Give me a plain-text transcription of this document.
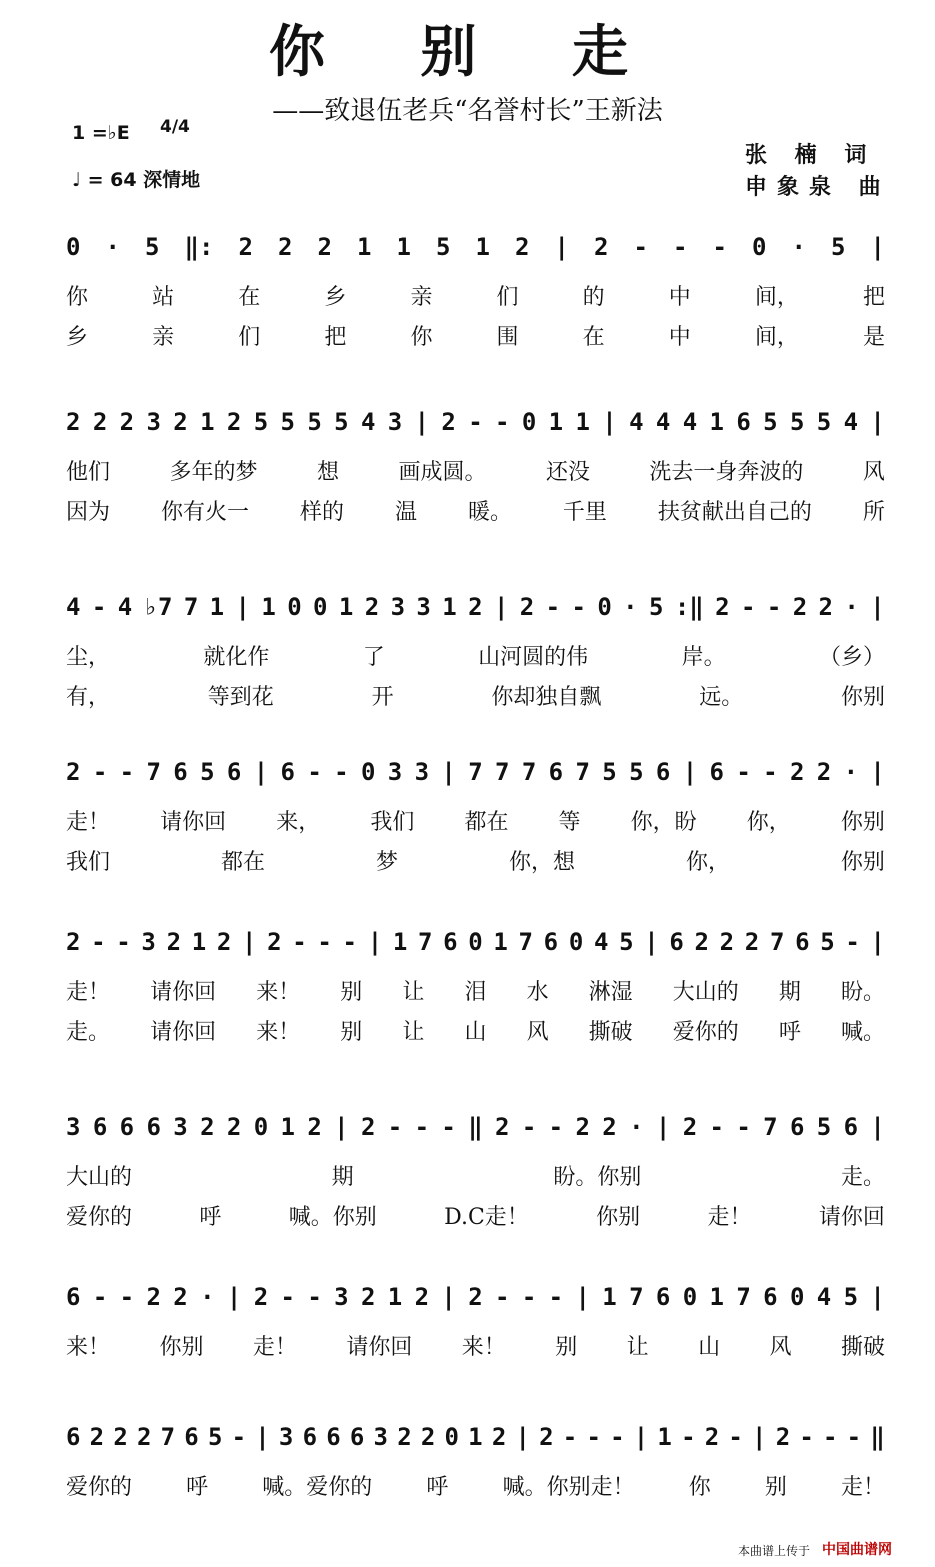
你 别 走
——致退伍老兵“名誉村长”王新法
1 =♭E 4/4
♩ = 64 深情地
张 楠 词
申象泉 曲
0 · 5 ‖: 2 2 2 1 1 5 1 2 | 2 - - - 0 · 5 |
你	站	在	乡	亲	们	的	中	间，	把
乡	亲	们	把	你	围	在	中	间，	是
2 2 2 3 2 1 2 5 5 5 5 4 3 | 2 - - 0 1 1 | 4 4 4 1 6 5 5 5 4 |
他们	多年的梦	想	画成圆。	还没	洗去一身奔波的	风
因为 你有火一 样的 温 暖。 千里 扶贫献出自己的 所
4 - 4 ♭7 7 1 | 1 0 0 1 2 3 3 1 2 | 2 - - 0 · 5 :‖ 2 - - 2 2 · |
尘，	就化作	了	山河圆的伟	岸。	（乡）
有，	等到花	开	你却独自飘	远。	你别
2 - - 7 6 5 6 | 6 - - 0 3 3 | 7 7 7 6 7 5 5 6 | 6 - - 2 2 · |
走！ 请你回 来， 我们 都在 等 你，盼 你， 你别
我们	都在	梦	你，想	你，	你别
2 - - 3 2 1 2 | 2 - - - | 1 7 6 0 1 7 6 0 4 5 | 6 2 2 2 7 6 5 - |
走！ 请你回 来！ 别 让 泪 水 淋湿 大山的 期 盼。
走。 请你回 来！ 别 让 山 风 撕破 爱你的 呼 喊。
3 6 6 6 3 2 2 0 1 2 | 2 - - - ‖ 2 - - 2 2 · | 2 - - 7 6 5 6 |
大山的	期	盼。你别	走。
爱你的	呼	喊。你别	D.C走！	你别	走！	请你回
6 - - 2 2 · | 2 - - 3 2 1 2 | 2 - - - | 1 7 6 0 1 7 6 0 4 5 |
来！ 你别 走！ 请你回 来！ 别 让 山 风 撕破
6 2 2 2 7 6 5 - | 3 6 6 6 3 2 2 0 1 2 | 2 - - - | 1 - 2 - | 2 - - - ‖
爱你的 呼 喊。爱你的 呼 喊。你别走！ 你 别 走！
本曲谱上传于 中国曲谱网
